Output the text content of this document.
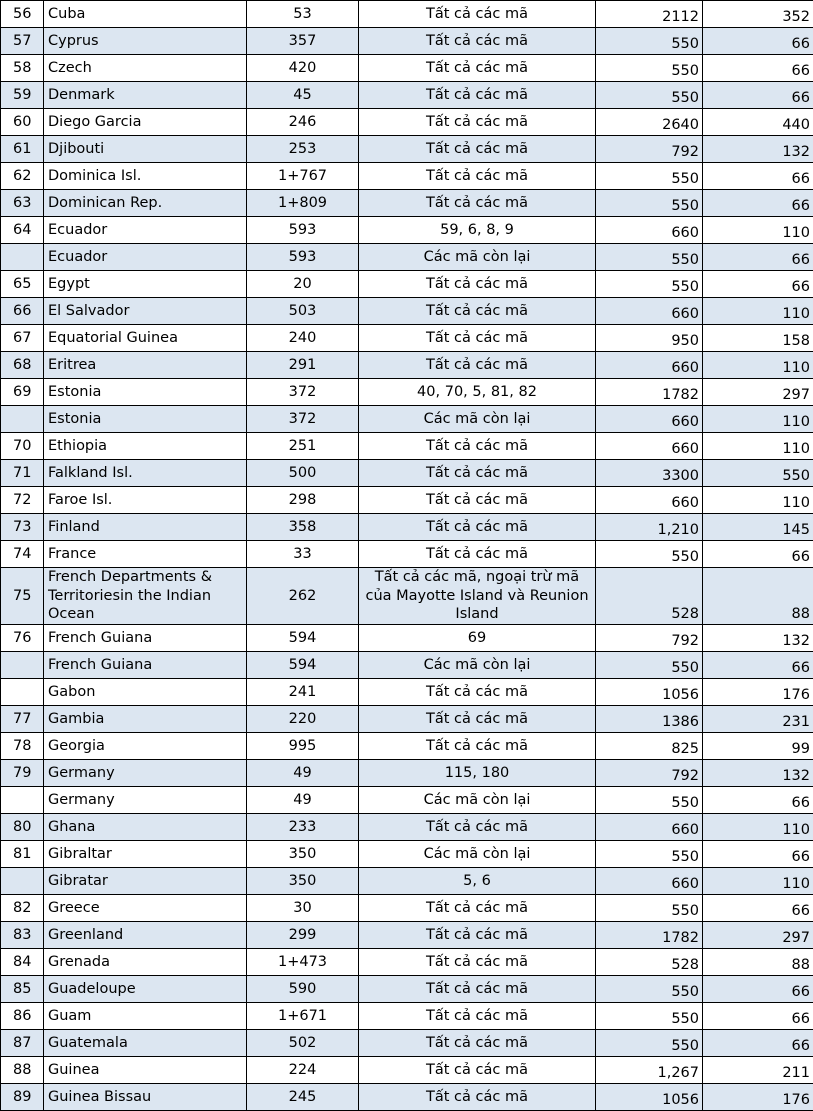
56	Cuba	53	Tất cả các mã	2112	352
57	Cyprus	357	Tất cả các mã	550	66
58	Czech	420	Tất cả các mã	550	66
59	Denmark	45	Tất cả các mã	550	66
60	Diego Garcia	246	Tất cả các mã	2640	440
61	Djibouti	253	Tất cả các mã	792	132
62	Dominica Isl.	1+767	Tất cả các mã	550	66
63	Dominican Rep.	1+809	Tất cả các mã	550	66
64	Ecuador	593	59, 6, 8, 9	660	110
	Ecuador	593	Các mã còn lại	550	66
65	Egypt	20	Tất cả các mã	550	66
66	El Salvador	503	Tất cả các mã	660	110
67	Equatorial Guinea	240	Tất cả các mã	950	158
68	Eritrea	291	Tất cả các mã	660	110
69	Estonia	372	40, 70, 5, 81, 82	1782	297
	Estonia	372	Các mã còn lại	660	110
70	Ethiopia	251	Tất cả các mã	660	110
71	Falkland Isl.	500	Tất cả các mã	3300	550
72	Faroe Isl.	298	Tất cả các mã	660	110
73	Finland	358	Tất cả các mã	1,210	145
74	France	33	Tất cả các mã	550	66
75	French Departments & Territoriesin the Indian Ocean	262	Tất cả các mã, ngoại trừ mã của Mayotte Island và Reunion Island	528	88
76	French Guiana	594	69	792	132
	French Guiana	594	Các mã còn lại	550	66
	Gabon	241	Tất cả các mã	1056	176
77	Gambia	220	Tất cả các mã	1386	231
78	Georgia	995	Tất cả các mã	825	99
79	Germany	49	115, 180	792	132
	Germany	49	Các mã còn lại	550	66
80	Ghana	233	Tất cả các mã	660	110
81	Gibraltar	350	Các mã còn lại	550	66
	Gibratar	350	5, 6	660	110
82	Greece	30	Tất cả các mã	550	66
83	Greenland	299	Tất cả các mã	1782	297
84	Grenada	1+473	Tất cả các mã	528	88
85	Guadeloupe	590	Tất cả các mã	550	66
86	Guam	1+671	Tất cả các mã	550	66
87	Guatemala	502	Tất cả các mã	550	66
88	Guinea	224	Tất cả các mã	1,267	211
89	Guinea Bissau	245	Tất cả các mã	1056	176
